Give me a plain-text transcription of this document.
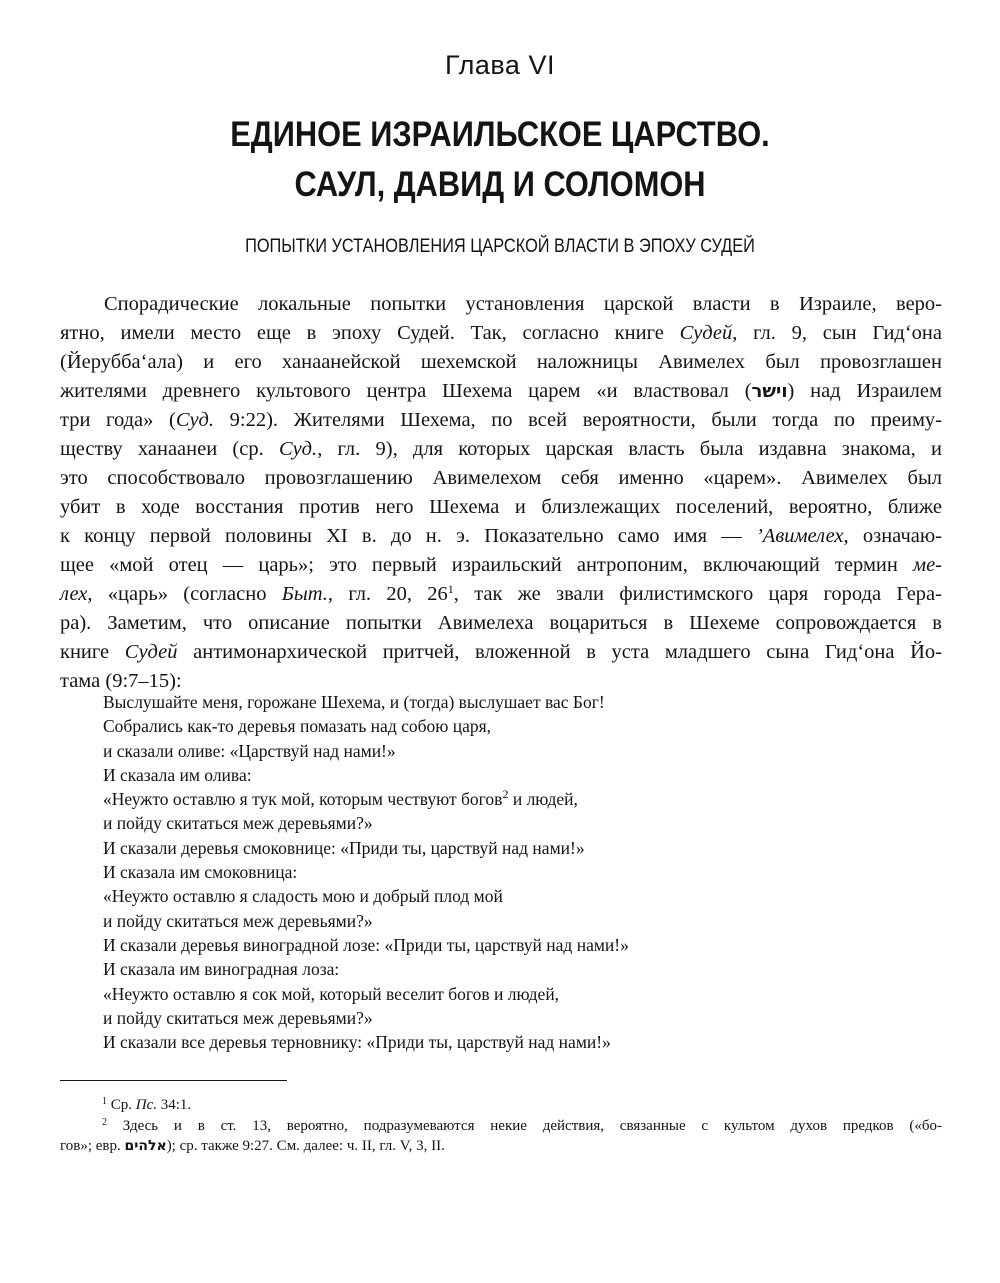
Глава VI
ЕДИНОЕ ИЗРАИЛЬСКОЕ ЦАРСТВО.
САУЛ, ДАВИД И СОЛОМОН
ПОПЫТКИ УСТАНОВЛЕНИЯ ЦАРСКОЙ ВЛАСТИ В ЭПОХУ СУДЕЙ
Спорадические локальные попытки установления царской власти в Израиле, веро-
ятно, имели место еще в эпоху Судей. Так, согласно книге Судей, гл. 9, сын Гид‘она
(Йерубба‘ала) и его ханаанейской шехемской наложницы Авимелех был провозглашен
жителями древнего культового центра Шехема царем «и властвовал (וישר) над Израилем
три года» (Суд. 9:22). Жителями Шехема, по всей вероятности, были тогда по преиму-
ществу ханаанеи (ср. Суд., гл. 9), для которых царская власть была издавна знакома, и
это способствовало провозглашению Авимелехом себя именно «царем». Авимелех был
убит в ходе восстания против него Шехема и близлежащих поселений, вероятно, ближе
к концу первой половины XI в. до н. э. Показательно само имя — ’Авимелех, означаю-
щее «мой отец — царь»; это первый израильский антропоним, включающий термин ме-
лех, «царь» (согласно Быт., гл. 20, $26^1$, так же звали филистимского царя города Гера-
ра). Заметим, что описание попытки Авимелеха воцариться в Шехеме сопровождается в
книге Судей антимонархической притчей, вложенной в уста младшего сына Гид‘она Йо-
тама (9:7–15):
Выслушайте меня, горожане Шехема, и (тогда) выслушает вас Бог!
Собрались как-то деревья помазать над собою царя,
и сказали оливе: «Царствуй над нами!»
И сказала им олива:
«Неужто оставлю я тук мой, которым чествуют богов$^2$ и людей,
и пойду скитаться меж деревьями?»
И сказали деревья смоковнице: «Приди ты, царствуй над нами!»
И сказала им смоковница:
«Неужто оставлю я сладость мою и добрый плод мой
и пойду скитаться меж деревьями?»
И сказали деревья виноградной лозе: «Приди ты, царствуй над нами!»
И сказала им виноградная лоза:
«Неужто оставлю я сок мой, который веселит богов и людей,
и пойду скитаться меж деревьями?»
И сказали все деревья терновнику: «Приди ты, царствуй над нами!»
$^1$ Ср. Пс. 34:1.
$^2$ Здесь и в ст. 13, вероятно, подразумеваются некие действия, связанные с культом духов предков («бо-
гов»; евр. אלהים); ср. также 9:27. См. далее: ч. II, гл. V, 3, II.
